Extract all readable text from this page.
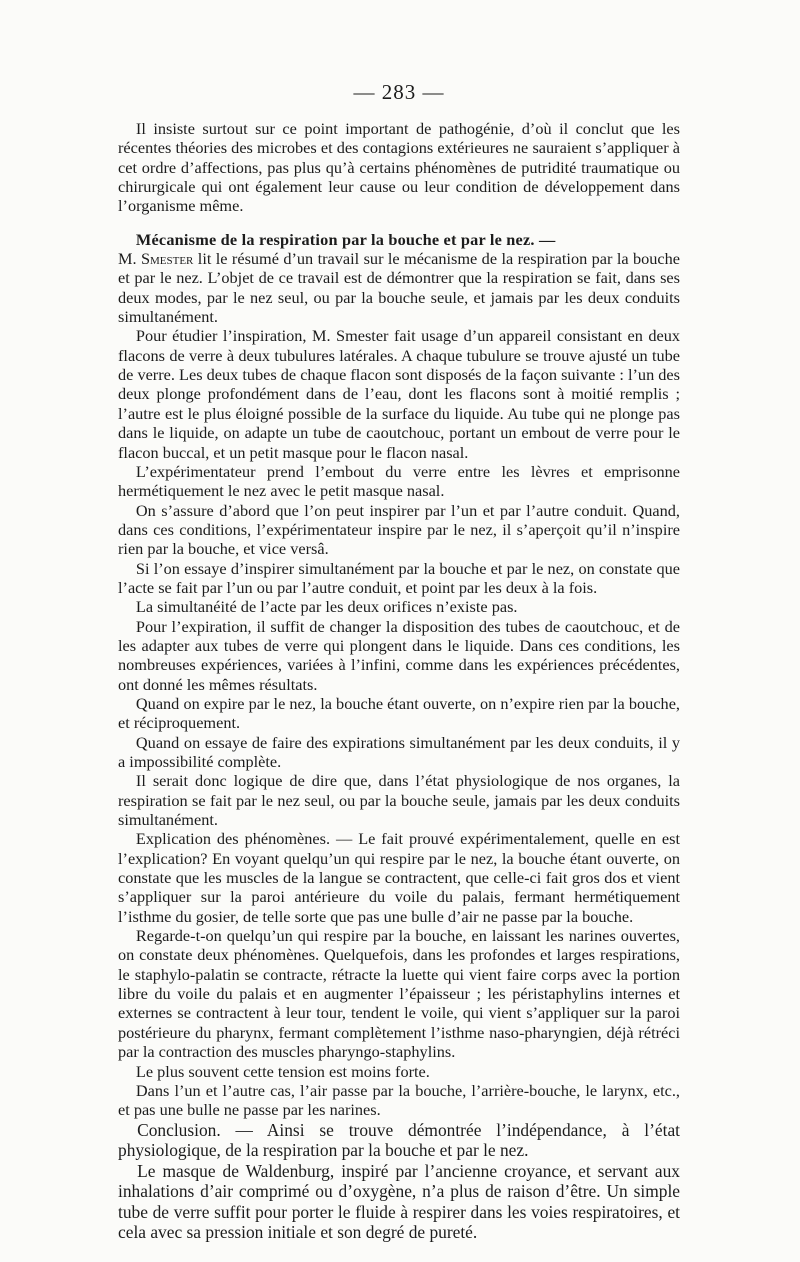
— 283 —

Il insiste surtout sur ce point important de pathogénie, d’où il conclut que les récentes théories des microbes et des contagions extérieures ne sauraient s’appliquer à cet ordre d’affections, pas plus qu’à certains phénomènes de putridité traumatique ou chirurgicale qui ont également leur cause ou leur condition de développement dans l’organisme même.

Mécanisme de la respiration par la bouche et par le nez. —
M. Smester lit le résumé d’un travail sur le mécanisme de la respiration par la bouche et par le nez. L’objet de ce travail est de démontrer que la respiration se fait, dans ses deux modes, par le nez seul, ou par la bouche seule, et jamais par les deux conduits simultanément.

Pour étudier l’inspiration, M. Smester fait usage d’un appareil consistant en deux flacons de verre à deux tubulures latérales. A chaque tubulure se trouve ajusté un tube de verre. Les deux tubes de chaque flacon sont disposés de la façon suivante : l’un des deux plonge profondément dans de l’eau, dont les flacons sont à moitié remplis ; l’autre est le plus éloigné possible de la surface du liquide. Au tube qui ne plonge pas dans le liquide, on adapte un tube de caoutchouc, portant un embout de verre pour le flacon buccal, et un petit masque pour le flacon nasal.

L’expérimentateur prend l’embout du verre entre les lèvres et emprisonne hermétiquement le nez avec le petit masque nasal.

On s’assure d’abord que l’on peut inspirer par l’un et par l’autre conduit. Quand, dans ces conditions, l’expérimentateur inspire par le nez, il s’aperçoit qu’il n’inspire rien par la bouche, et vice versâ.

Si l’on essaye d’inspirer simultanément par la bouche et par le nez, on constate que l’acte se fait par l’un ou par l’autre conduit, et point par les deux à la fois.

La simultanéité de l’acte par les deux orifices n’existe pas.

Pour l’expiration, il suffit de changer la disposition des tubes de caoutchouc, et de les adapter aux tubes de verre qui plongent dans le liquide. Dans ces conditions, les nombreuses expériences, variées à l’infini, comme dans les expériences précédentes, ont donné les mêmes résultats.

Quand on expire par le nez, la bouche étant ouverte, on n’expire rien par la bouche, et réciproquement.

Quand on essaye de faire des expirations simultanément par les deux conduits, il y a impossibilité complète.

Il serait donc logique de dire que, dans l’état physiologique de nos organes, la respiration se fait par le nez seul, ou par la bouche seule, jamais par les deux conduits simultanément.

Explication des phénomènes. — Le fait prouvé expérimentalement, quelle en est l’explication? En voyant quelqu’un qui respire par le nez, la bouche étant ouverte, on constate que les muscles de la langue se contractent, que celle-ci fait gros dos et vient s’appliquer sur la paroi antérieure du voile du palais, fermant hermétiquement l’isthme du gosier, de telle sorte que pas une bulle d’air ne passe par la bouche.

Regarde-t-on quelqu’un qui respire par la bouche, en laissant les narines ouvertes, on constate deux phénomènes. Quelquefois, dans les profondes et larges respirations, le staphylo-palatin se contracte, rétracte la luette qui vient faire corps avec la portion libre du voile du palais et en augmenter l’épaisseur ; les péristaphylins internes et externes se contractent à leur tour, tendent le voile, qui vient s’appliquer sur la paroi postérieure du pharynx, fermant complètement l’isthme naso-pharyngien, déjà rétréci par la contraction des muscles pharyngo-staphylins.

Le plus souvent cette tension est moins forte.

Dans l’un et l’autre cas, l’air passe par la bouche, l’arrière-bouche, le larynx, etc., et pas une bulle ne passe par les narines.

Conclusion. — Ainsi se trouve démontrée l’indépendance, à l’état physiologique, de la respiration par la bouche et par le nez.

Le masque de Waldenburg, inspiré par l’ancienne croyance, et servant aux inhalations d’air comprimé ou d’oxygène, n’a plus de raison d’être. Un simple tube de verre suffit pour porter le fluide à respirer dans les voies respiratoires, et cela avec sa pression initiale et son degré de pureté.
